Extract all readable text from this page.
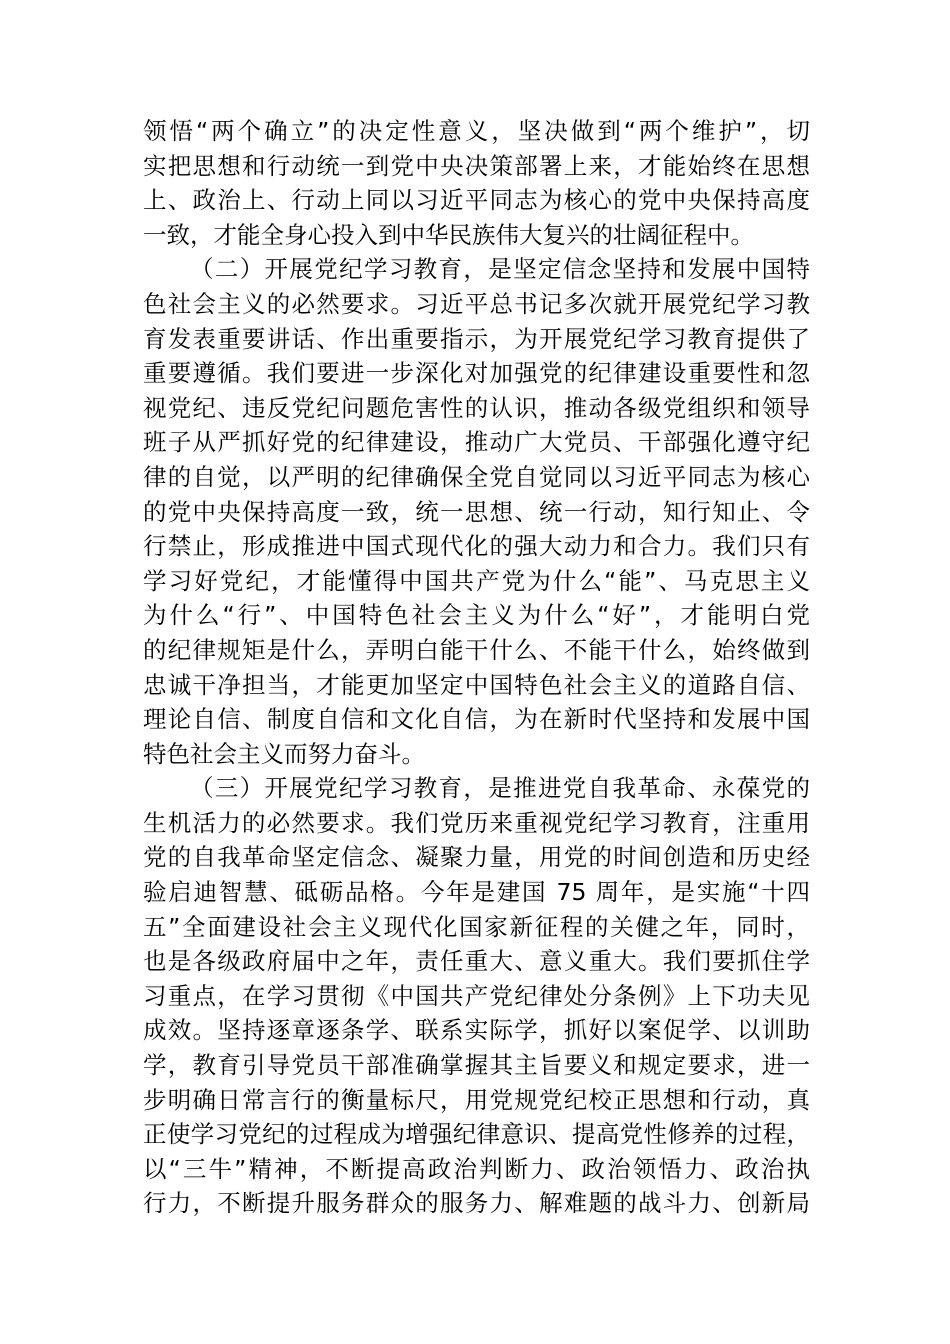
领悟“两个确立”的决定性意义，坚决做到“两个维护”，切
实把思想和行动统一到党中央决策部署上来，才能始终在思想
上、政治上、行动上同以习近平同志为核心的党中央保持高度
一致，才能全身心投入到中华民族伟大复兴的壮阔征程中。
（二）开展党纪学习教育，是坚定信念坚持和发展中国特
色社会主义的必然要求。习近平总书记多次就开展党纪学习教
育发表重要讲话、作出重要指示，为开展党纪学习教育提供了
重要遵循。我们要进一步深化对加强党的纪律建设重要性和忽
视党纪、违反党纪问题危害性的认识，推动各级党组织和领导
班子从严抓好党的纪律建设，推动广大党员、干部强化遵守纪
律的自觉，以严明的纪律确保全党自觉同以习近平同志为核心
的党中央保持高度一致，统一思想、统一行动，知行知止、令
行禁止，形成推进中国式现代化的强大动力和合力。我们只有
学习好党纪，才能懂得中国共产党为什么“能”、马克思主义
为什么“行”、中国特色社会主义为什么“好”，才能明白党
的纪律规矩是什么，弄明白能干什么、不能干什么，始终做到
忠诚干净担当，才能更加坚定中国特色社会主义的道路自信、
理论自信、制度自信和文化自信，为在新时代坚持和发展中国
特色社会主义而努力奋斗。
（三）开展党纪学习教育，是推进党自我革命、永葆党的
生机活力的必然要求。我们党历来重视党纪学习教育，注重用
党的自我革命坚定信念、凝聚力量，用党的时间创造和历史经
验启迪智慧、砥砺品格。今年是建国 75 周年，是实施“十四
五”全面建设社会主义现代化国家新征程的关健之年，同时，
也是各级政府届中之年，责任重大、意义重大。我们要抓住学
习重点，在学习贯彻《中国共产党纪律处分条例》上下功夫见
成效。坚持逐章逐条学、联系实际学，抓好以案促学、以训助
学，教育引导党员干部准确掌握其主旨要义和规定要求，进一
步明确日常言行的衡量标尺，用党规党纪校正思想和行动，真
正使学习党纪的过程成为增强纪律意识、提高党性修养的过程，
以“三牛”精神，不断提高政治判断力、政治领悟力、政治执
行力，不断提升服务群众的服务力、解难题的战斗力、创新局
